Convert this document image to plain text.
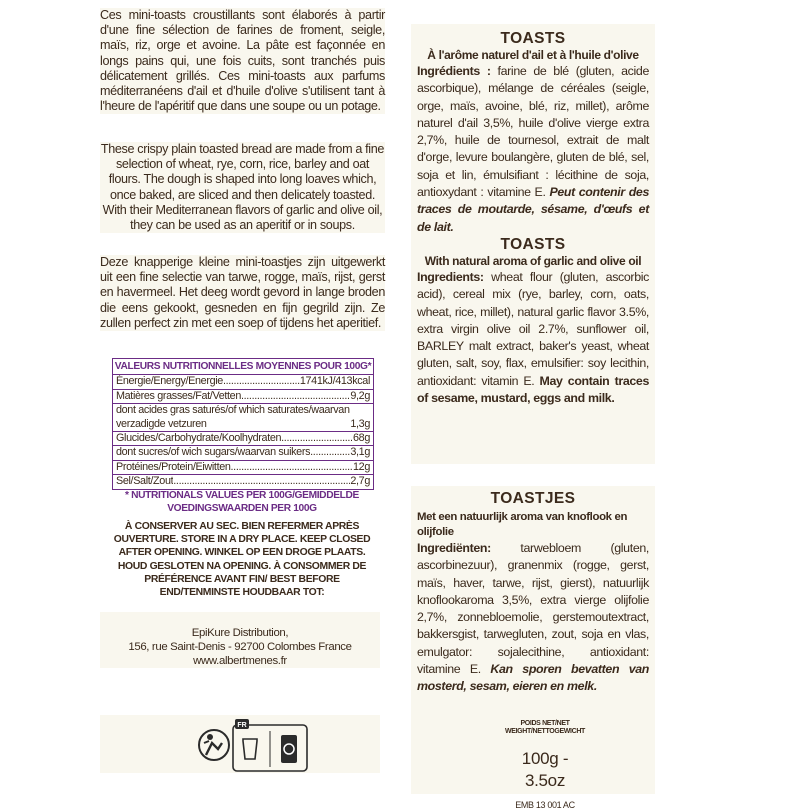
Ces mini-toasts croustillants sont élaborés à partir d'une fine sélection de farines de froment, seigle, maïs, riz, orge et avoine. La pâte est façonnée en longs pains qui, une fois cuits, sont tranchés puis délicatement grillés. Ces mini-toasts aux parfums méditerranéens d'ail et d'huile d'olive s'utilisent tant à l'heure de l'apéritif que dans une soupe ou un potage.

These crispy plain toasted bread are made from a fine selection of wheat, rye, corn, rice, barley and oat flours. The dough is shaped into long loaves which, once baked, are sliced and then delicately toasted. With their Mediterranean flavors of garlic and olive oil, they can be used as an aperitif or in soups.

Deze knapperige kleine mini-toastjes zijn uitgewerkt uit een fine selectie van tarwe, rogge, maïs, rijst, gerst en havermeel. Het deeg wordt gevord in lange broden die eens gekookt, gesneden en fijn gegrild zijn. Ze zullen perfect zin met een soep of tijdens het aperitief.

VALEURS NUTRITIONNELLES MOYENNES POUR 100G*
Énergie/Energy/Energie .....	1741kJ/413kcal
Matières grasses/Fat/Vetten .....	9,2g
dont acides gras saturés/of which saturates/waarvan verzadigde vetzuren	1,3g
Glucides/Carbohydrate/Koolhydraten .....	68g
dont sucres/of wich sugars/waarvan suikers .....	3,1g
Protéines/Protein/Eiwitten .....	12g
Sel/Salt/Zout .....	2,7g
* NUTRITIONALS VALUES PER 100G/GEMIDDELDE VOEDINGSWAARDEN PER 100G
À CONSERVER AU SEC. BIEN REFERMER APRÈS OUVERTURE. STORE IN A DRY PLACE. KEEP CLOSED AFTER OPENING. WINKEL OP EEN DROGE PLAATS. HOUD GESLOTEN NA OPENING. À CONSOMMER DE PRÉFÉRENCE AVANT FIN/ BEST BEFORE END/TENMINSTE HOUDBAAR TOT:
EpiKure Distribution,
156, rue Saint-Denis - 92700 Colombes France
www.albertmenes.fr
FR
TOASTS
À l'arôme naturel d'ail et à l'huile d'olive

Ingrédients : farine de blé (gluten, acide ascorbique), mélange de céréales (seigle, orge, maïs, avoine, blé, riz, millet), arôme naturel d'ail 3,5%, huile d'olive vierge extra 2,7%, huile de tournesol, extrait de malt d'orge, levure boulangère, gluten de blé, sel, soja et lin, émulsifiant : lécithine de soja, antioxydant : vitamine E. Peut contenir des traces de moutarde, sésame, d'œufs et de lait.

TOASTS
With natural aroma of garlic and olive oil

Ingredients: wheat flour (gluten, ascorbic acid), cereal mix (rye, barley, corn, oats, wheat, rice, millet), natural garlic flavor 3.5%, extra virgin olive oil 2.7%, sunflower oil, BARLEY malt extract, baker's yeast, wheat gluten, salt, soy, flax, emulsifier: soy lecithin, antioxidant: vitamin E. May contain traces of sesame, mustard, eggs and milk.

TOASTJES
Met een natuurlijk aroma van knoflook en olijfolie

Ingrediënten: tarwebloem (gluten, ascorbinezuur), granenmix (rogge, gerst, maïs, haver, tarwe, rijst, gierst), natuurlijk knoflookaroma 3,5%, extra vierge olijfolie 2,7%, zonnebloemolie, gerstemoutextract, bakkersgist, tarwegluten, zout, soja en vlas, emulgator: sojalecithine, antioxidant: vitamine E. Kan sporen bevatten van mosterd, sesam, eieren en melk.

POIDS NET/NET WEIGHT/NETTOGEWICHT
100g - 3.5oz
EMB 13 001 AC
